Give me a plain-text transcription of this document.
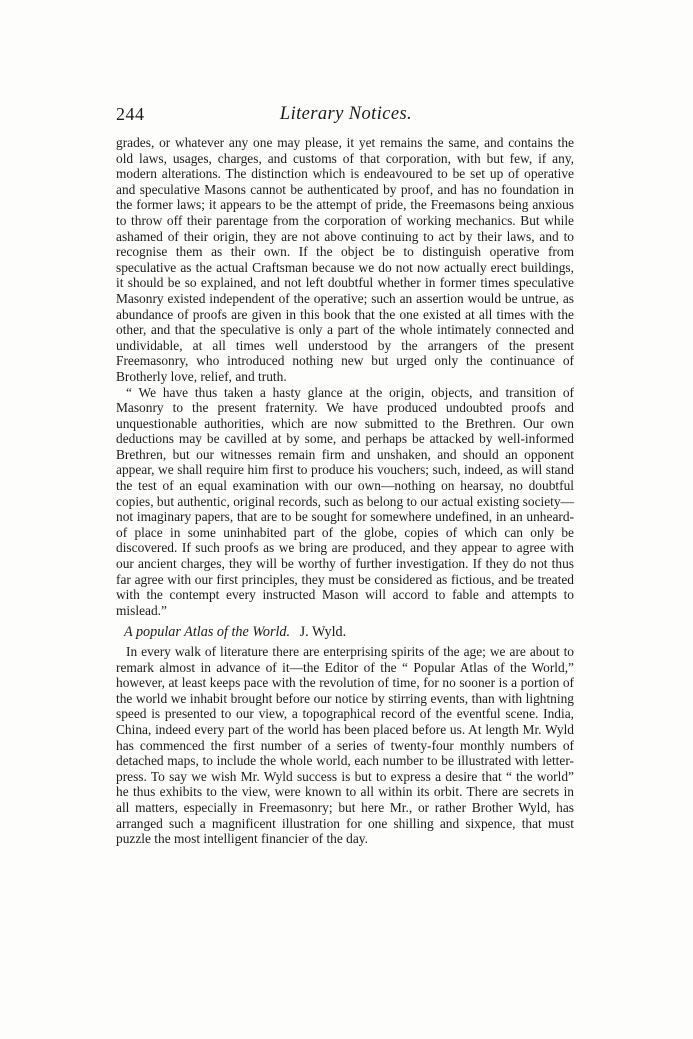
244	Literary Notices.

grades, or whatever any one may please, it yet remains the same, and contains the old laws, usages, charges, and customs of that corporation, with but few, if any, modern alterations. The distinction which is endeavoured to be set up of operative and speculative Masons cannot be authenticated by proof, and has no foundation in the former laws; it appears to be the attempt of pride, the Freemasons being anxious to throw off their parentage from the corporation of working mechanics. But while ashamed of their origin, they are not above continuing to act by their laws, and to recognise them as their own. If the object be to distinguish operative from speculative as the actual Craftsman because we do not now actually erect buildings, it should be so explained, and not left doubtful whether in former times speculative Masonry existed independent of the operative; such an assertion would be untrue, as abundance of proofs are given in this book that the one existed at all times with the other, and that the speculative is only a part of the whole intimately connected and undividable, at all times well understood by the arrangers of the present Freemasonry, who introduced nothing new but urged only the continuance of Brotherly love, relief, and truth.

“ We have thus taken a hasty glance at the origin, objects, and transition of Masonry to the present fraternity. We have produced undoubted proofs and unquestionable authorities, which are now submitted to the Brethren. Our own deductions may be cavilled at by some, and perhaps be attacked by well-informed Brethren, but our witnesses remain firm and unshaken, and should an opponent appear, we shall require him first to produce his vouchers; such, indeed, as will stand the test of an equal examination with our own—nothing on hearsay, no doubtful copies, but authentic, original records, such as belong to our actual existing society—not imaginary papers, that are to be sought for somewhere undefined, in an unheard-of place in some uninhabited part of the globe, copies of which can only be discovered. If such proofs as we bring are produced, and they appear to agree with our ancient charges, they will be worthy of further investigation. If they do not thus far agree with our first principles, they must be considered as fictious, and be treated with the contempt every instructed Mason will accord to fable and attempts to mislead.”

A popular Atlas of the World. J. Wyld.

In every walk of literature there are enterprising spirits of the age; we are about to remark almost in advance of it—the Editor of the “ Popular Atlas of the World,” however, at least keeps pace with the revolution of time, for no sooner is a portion of the world we inhabit brought before our notice by stirring events, than with lightning speed is presented to our view, a topographical record of the eventful scene. India, China, indeed every part of the world has been placed before us. At length Mr. Wyld has commenced the first number of a series of twenty-four monthly numbers of detached maps, to include the whole world, each number to be illustrated with letter-press. To say we wish Mr. Wyld success is but to express a desire that “ the world” he thus exhibits to the view, were known to all within its orbit. There are secrets in all matters, especially in Freemasonry; but here Mr., or rather Brother Wyld, has arranged such a magnificent illustration for one shilling and sixpence, that must puzzle the most intelligent financier of the day.
